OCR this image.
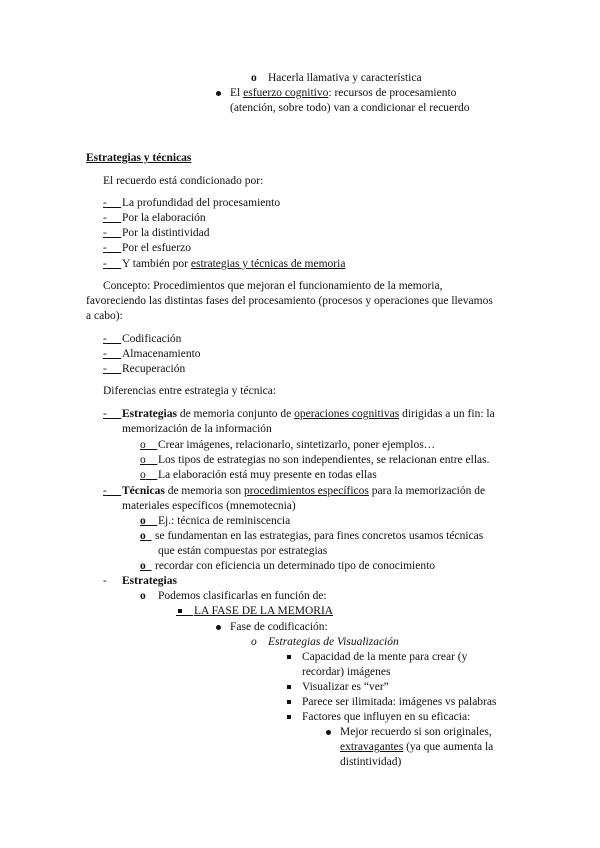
o Hacerla llamativa y característica
El esfuerzo cognitivo: recursos de procesamiento
(atención, sobre todo) van a condicionar el recuerdo
Estrategias y técnicas
El recuerdo está condicionado por:
-	La profundidad del procesamiento
-	Por la elaboración
-	Por la distintividad
-	Por el esfuerzo
-	Y también por estrategias y técnicas de memoria
Concepto: Procedimientos que mejoran el funcionamiento de la memoria,
favoreciendo las distintas fases del procesamiento (procesos y operaciones que llevamos
a cabo):
-	Codificación
-	Almacenamiento
-	Recuperación
Diferencias entre estrategia y técnica:
-	Estrategias de memoria conjunto de operaciones cognitivas dirigidas a un fin: la
memorización de la información
o	Crear imágenes, relacionarlo, sintetizarlo, poner ejemplos…
o	Los tipos de estrategias no son independientes, se relacionan entre ellas.
o	La elaboración está muy presente en todas ellas
-	Técnicas de memoria son procedimientos específicos para la memorización de
materiales específicos (mnemotecnia)
o	Ej.: técnica de reminiscencia
o se fundamentan en las estrategias, para fines concretos usamos técnicas
que están compuestas por estrategias
o recordar con eficiencia un determinado tipo de conocimiento
- Estrategias
o Podemos clasificarlas en función de:

LA FASE DE LA MEMORIA
Fase de codificación:
o Estrategias de Visualización
Capacidad de la mente para crear (y
recordar) imágenes
Visualizar es “ver”
Parece ser ilimitada: imágenes vs palabras
Factores que influyen en su eficacia:
Mejor recuerdo si son originales,
extravagantes (ya que aumenta la
distintividad)
